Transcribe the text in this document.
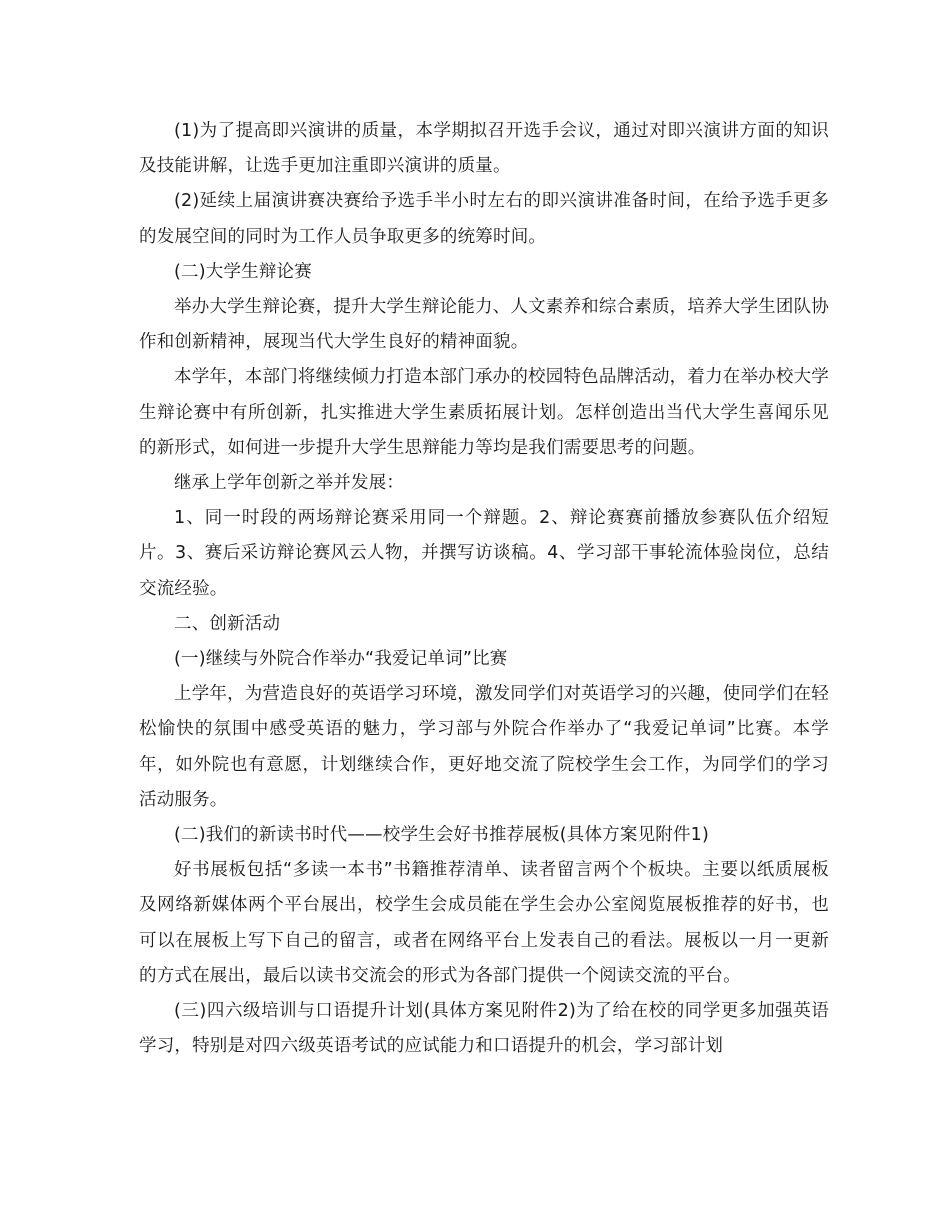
(1)为了提高即兴演讲的质量，本学期拟召开选手会议，通过对即兴演讲方面的知识及技能讲解，让选手更加注重即兴演讲的质量。

(2)延续上届演讲赛决赛给予选手半小时左右的即兴演讲准备时间，在给予选手更多的发展空间的同时为工作人员争取更多的统筹时间。

(二)大学生辩论赛

举办大学生辩论赛，提升大学生辩论能力、人文素养和综合素质，培养大学生团队协作和创新精神，展现当代大学生良好的精神面貌。

本学年，本部门将继续倾力打造本部门承办的校园特色品牌活动，着力在举办校大学生辩论赛中有所创新，扎实推进大学生素质拓展计划。怎样创造出当代大学生喜闻乐见的新形式，如何进一步提升大学生思辩能力等均是我们需要思考的问题。

继承上学年创新之举并发展：

1、同一时段的两场辩论赛采用同一个辩题。2、辩论赛赛前播放参赛队伍介绍短片。3、赛后采访辩论赛风云人物，并撰写访谈稿。4、学习部干事轮流体验岗位，总结交流经验。

二、创新活动

(一)继续与外院合作举办“我爱记单词”比赛

上学年，为营造良好的英语学习环境，激发同学们对英语学习的兴趣，使同学们在轻松愉快的氛围中感受英语的魅力，学习部与外院合作举办了“我爱记单词”比赛。本学年，如外院也有意愿，计划继续合作，更好地交流了院校学生会工作，为同学们的学习活动服务。

(二)我们的新读书时代——校学生会好书推荐展板(具体方案见附件1)

好书展板包括“多读一本书”书籍推荐清单、读者留言两个个板块。主要以纸质展板及网络新媒体两个平台展出，校学生会成员能在学生会办公室阅览展板推荐的好书，也可以在展板上写下自己的留言，或者在网络平台上发表自己的看法。展板以一月一更新的方式在展出，最后以读书交流会的形式为各部门提供一个阅读交流的平台。

(三)四六级培训与口语提升计划(具体方案见附件2)为了给在校的同学更多加强英语学习，特别是对四六级英语考试的应试能力和口语提升的机会，学习部计划
